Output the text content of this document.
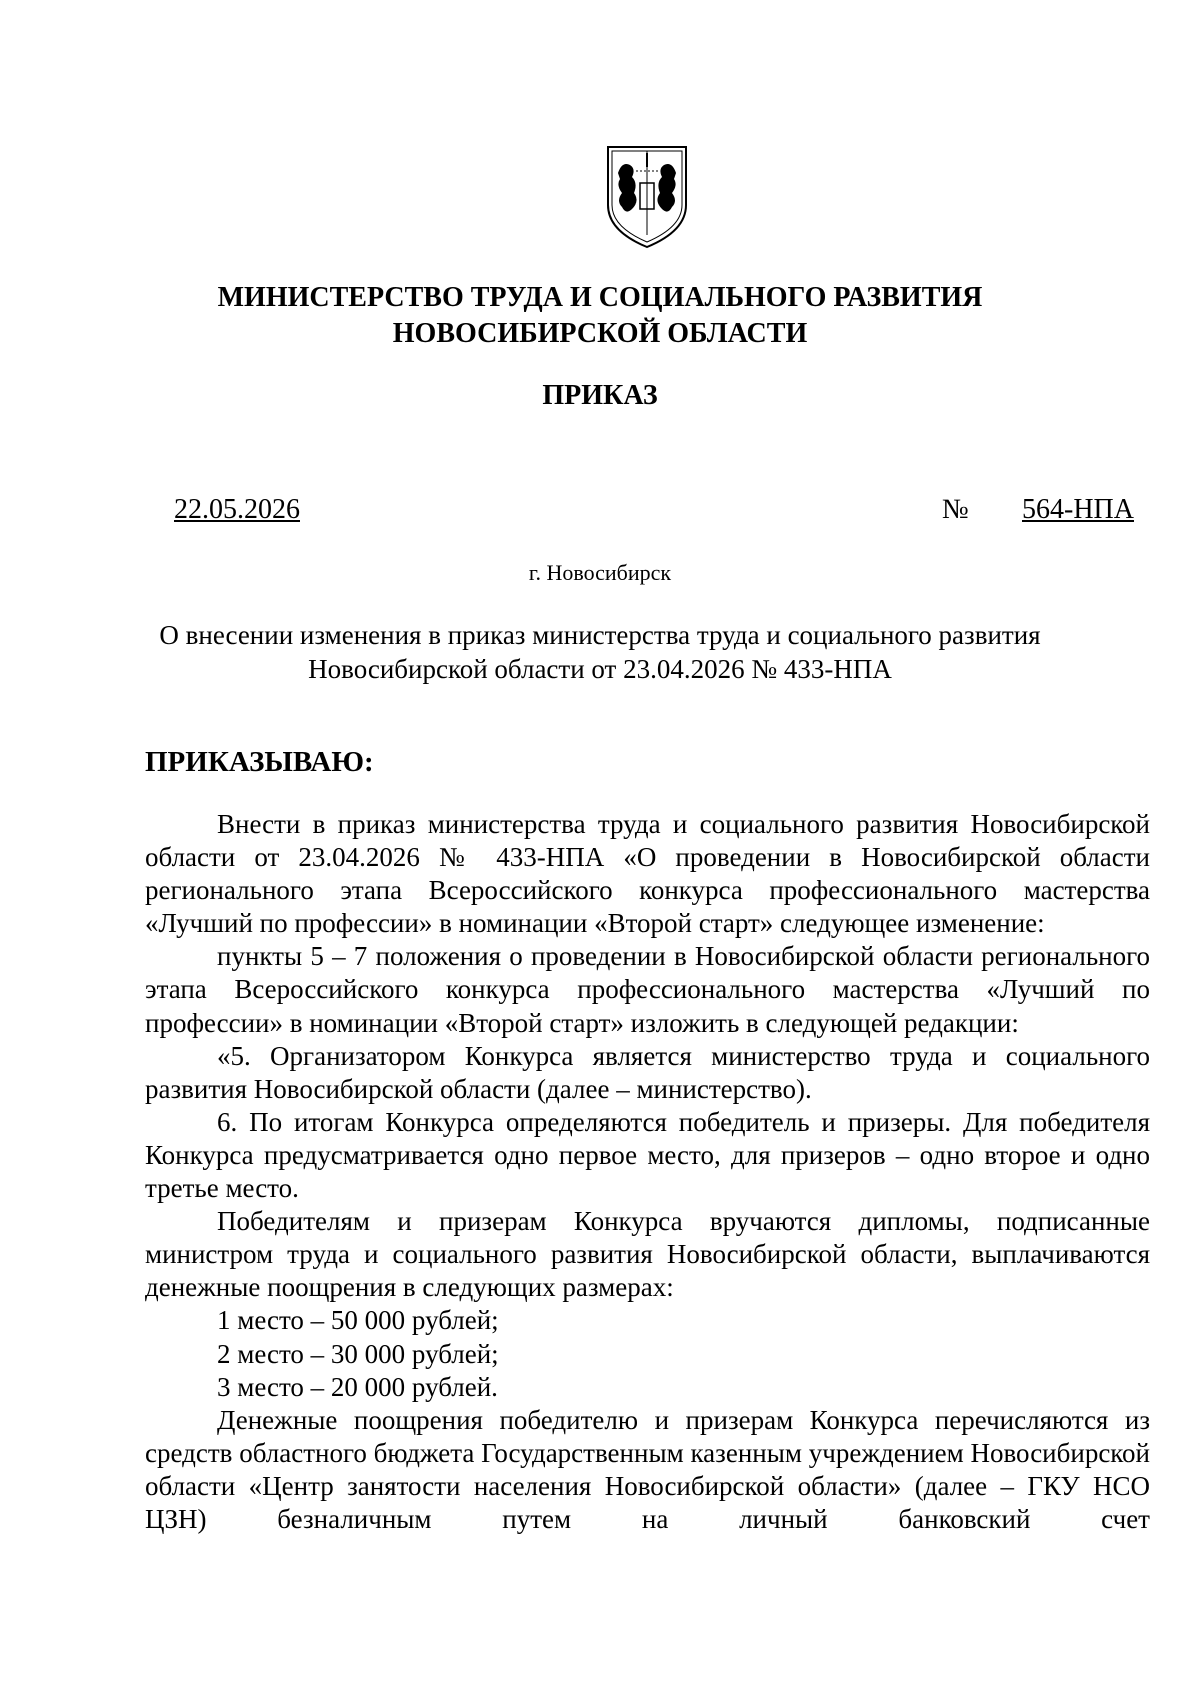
МИНИСТЕРСТВО ТРУДА И СОЦИАЛЬНОГО РАЗВИТИЯ
НОВОСИБИРСКОЙ ОБЛАСТИ
ПРИКАЗ
22.05.2026	№ 564-НПА
г. Новосибирск
О внесении изменения в приказ министерства труда и социального развития
Новосибирской области от 23.04.2026 № 433-НПА
ПРИКАЗЫВАЮ:

Внести в приказ министерства труда и социального развития Новосибирской области от 23.04.2026 № 433-НПА «О проведении в Новосибирской области регионального этапа Всероссийского конкурса профессионального мастерства «Лучший по профессии» в номинации «Второй старт» следующее изменение:

пункты 5 – 7 положения о проведении в Новосибирской области регионального этапа Всероссийского конкурса профессионального мастерства «Лучший по профессии» в номинации «Второй старт» изложить в следующей редакции:

«5. Организатором Конкурса является министерство труда и социального развития Новосибирской области (далее – министерство).

6. По итогам Конкурса определяются победитель и призеры. Для победителя Конкурса предусматривается одно первое место, для призеров – одно второе и одно третье место.

Победителям и призерам Конкурса вручаются дипломы, подписанные министром труда и социального развития Новосибирской области, выплачиваются денежные поощрения в следующих размерах:

1 место – 50 000 рублей;

2 место – 30 000 рублей;

3 место – 20 000 рублей.

Денежные поощрения победителю и призерам Конкурса перечисляются из средств областного бюджета Государственным казенным учреждением Новосибирской области «Центр занятости населения Новосибирской области» (далее – ГКУ НСО ЦЗН) безналичным путем на личный банковский счет
